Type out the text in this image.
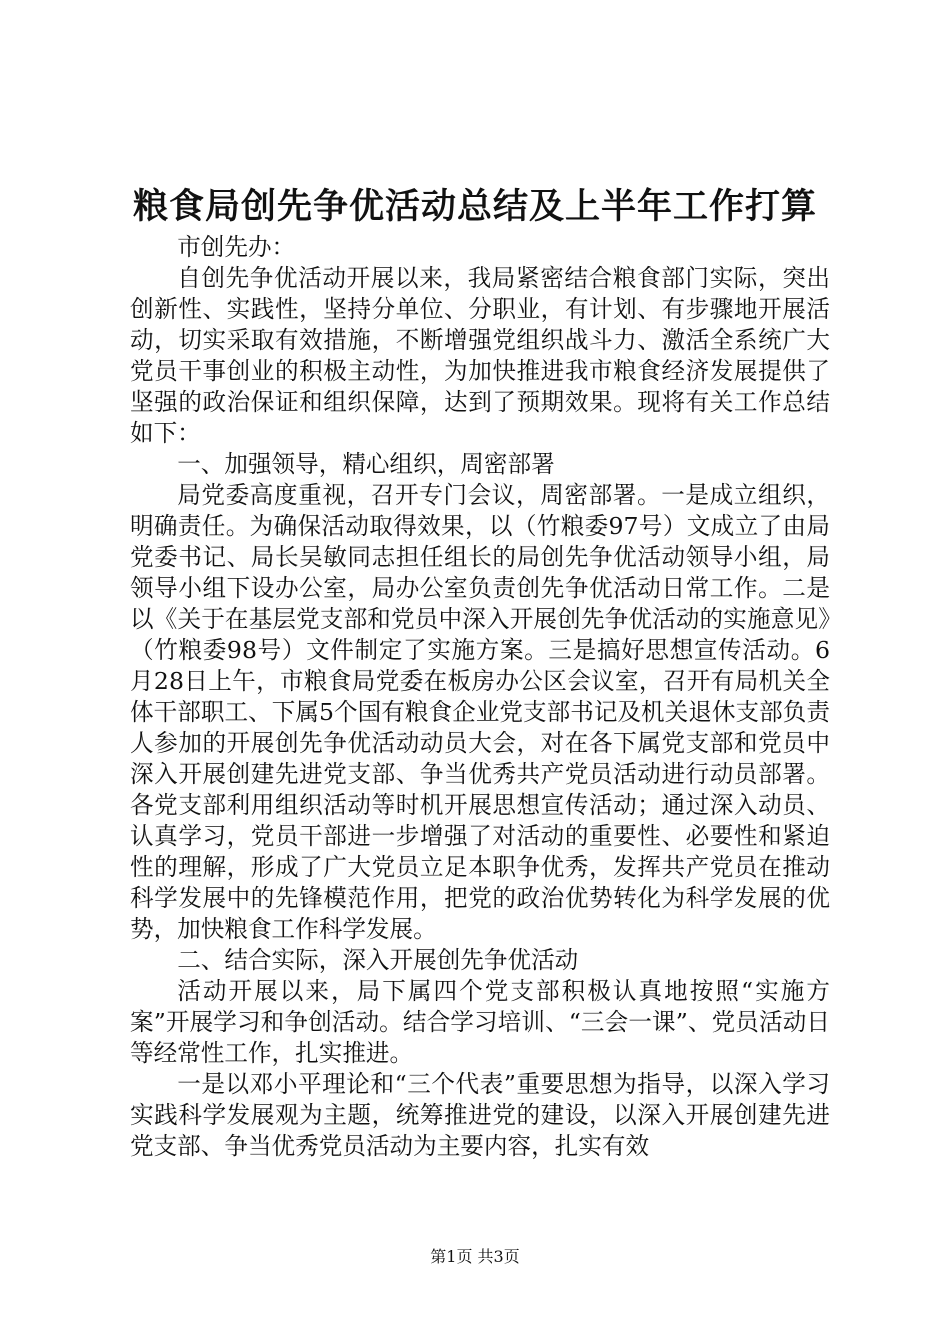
粮食局创先争优活动总结及上半年工作打算

市创先办：

自创先争优活动开展以来，我局紧密结合粮食部门实际，突出创新性、实践性，坚持分单位、分职业，有计划、有步骤地开展活动，切实采取有效措施，不断增强党组织战斗力、激活全系统广大党员干事创业的积极主动性，为加快推进我市粮食经济发展提供了坚强的政治保证和组织保障，达到了预期效果。现将有关工作总结如下：

一、加强领导，精心组织，周密部署

局党委高度重视，召开专门会议，周密部署。一是成立组织，明确责任。为确保活动取得效果，以（竹粮委97号）文成立了由局党委书记、局长吴敏同志担任组长的局创先争优活动领导小组，局领导小组下设办公室，局办公室负责创先争优活动日常工作。二是以《关于在基层党支部和党员中深入开展创先争优活动的实施意见》（竹粮委98号）文件制定了实施方案。三是搞好思想宣传活动。6月28日上午，市粮食局党委在板房办公区会议室，召开有局机关全体干部职工、下属5个国有粮食企业党支部书记及机关退休支部负责人参加的开展创先争优活动动员大会，对在各下属党支部和党员中深入开展创建先进党支部、争当优秀共产党员活动进行动员部署。各党支部利用组织活动等时机开展思想宣传活动；通过深入动员、认真学习，党员干部进一步增强了对活动的重要性、必要性和紧迫性的理解，形成了广大党员立足本职争优秀，发挥共产党员在推动科学发展中的先锋模范作用，把党的政治优势转化为科学发展的优势，加快粮食工作科学发展。

二、结合实际，深入开展创先争优活动

活动开展以来，局下属四个党支部积极认真地按照“实施方案”开展学习和争创活动。结合学习培训、“三会一课”、党员活动日等经常性工作，扎实推进。

一是以邓小平理论和“三个代表”重要思想为指导，以深入学习实践科学发展观为主题，统筹推进党的建设，以深入开展创建先进党支部、争当优秀党员活动为主要内容，扎实有效

第1页 共3页
